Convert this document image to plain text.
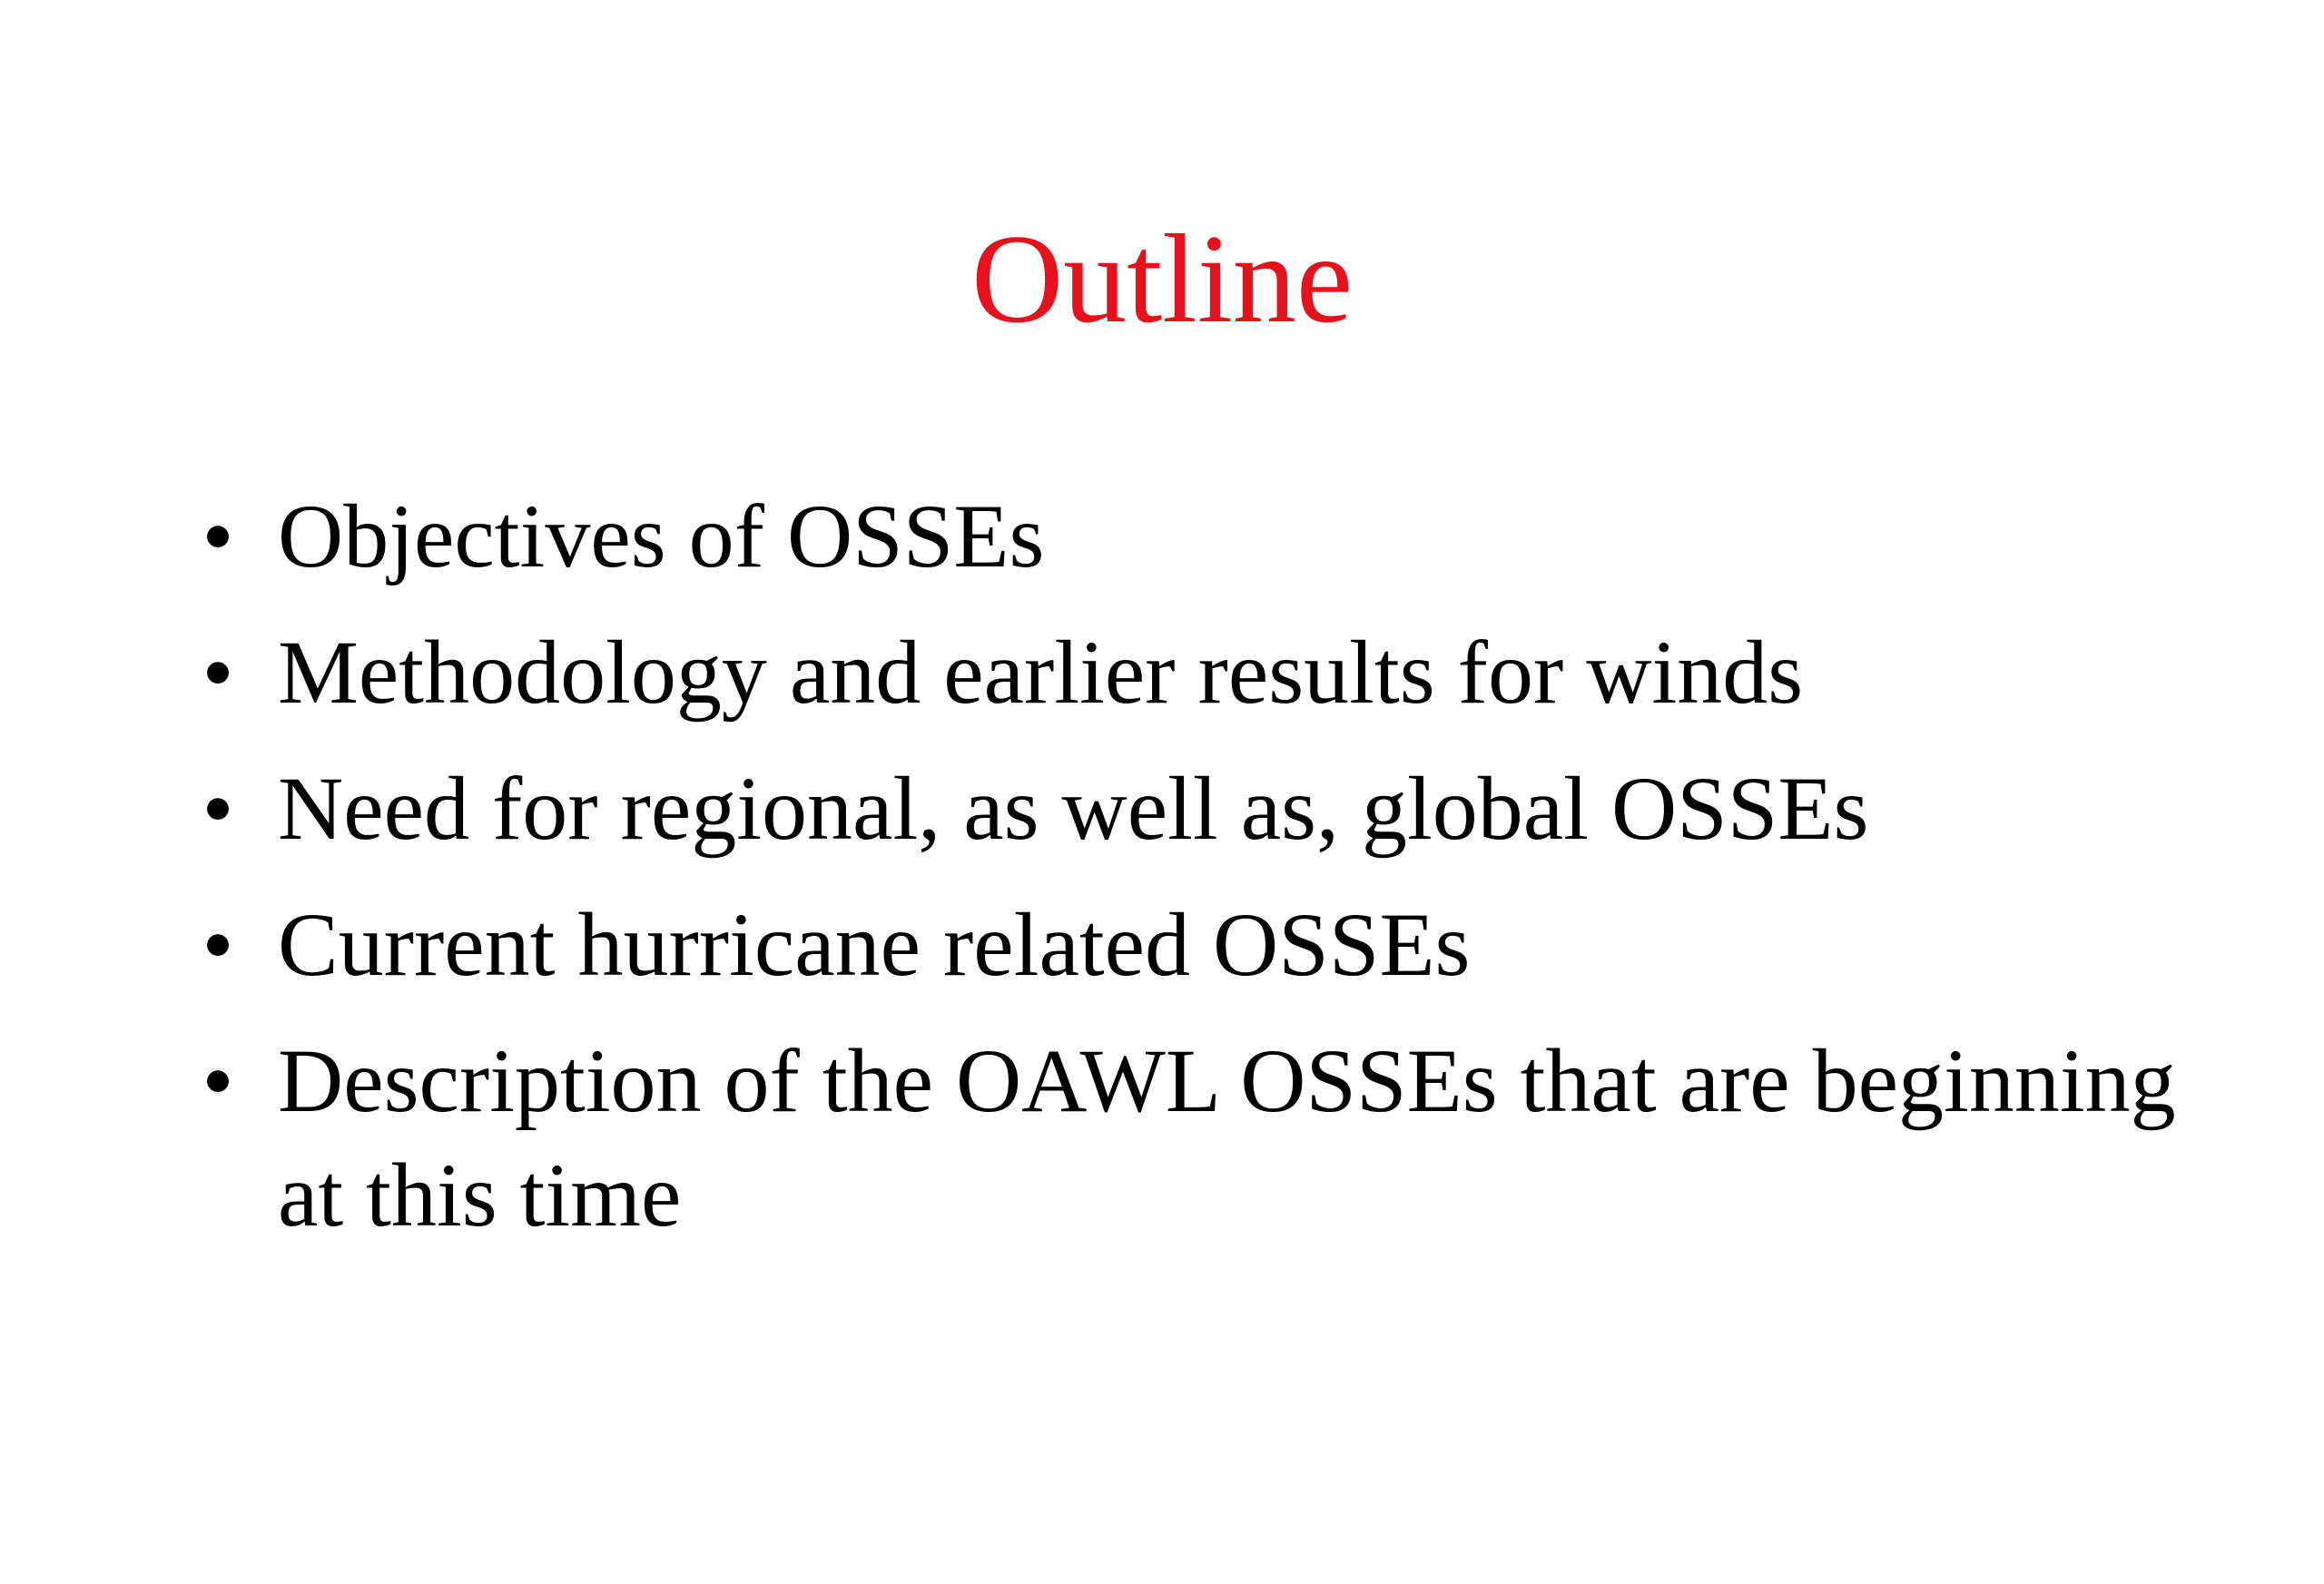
Outline
• Objectives of OSSEs
• Methodology and earlier results for winds
• Need for regional, as well as, global OSSEs
• Current hurricane related OSSEs
• Description of the OAWL OSSEs that are beginning at this time
